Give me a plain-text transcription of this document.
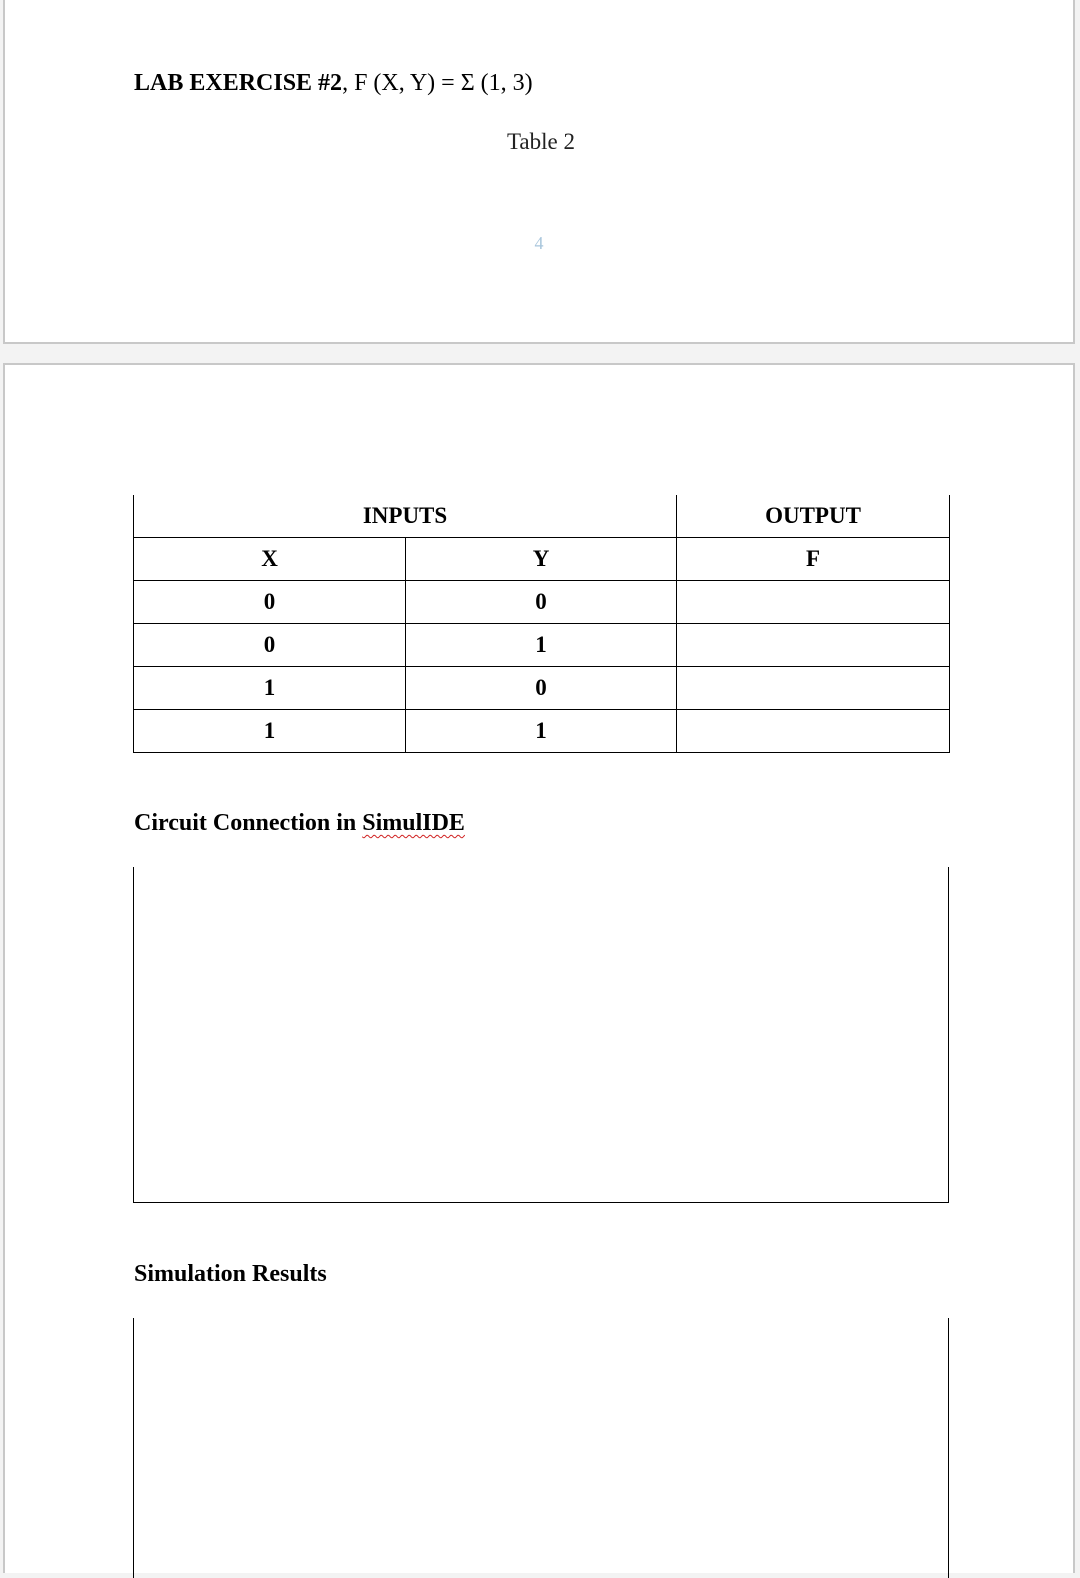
LAB EXERCISE #2, F (X, Y) = Σ (1, 3)
Table 2
4
INPUTS		OUTPUT
X	Y	F
0	0	
0	1	
1	0	
1	1	
Circuit Connection in SimulIDE
Simulation Results
